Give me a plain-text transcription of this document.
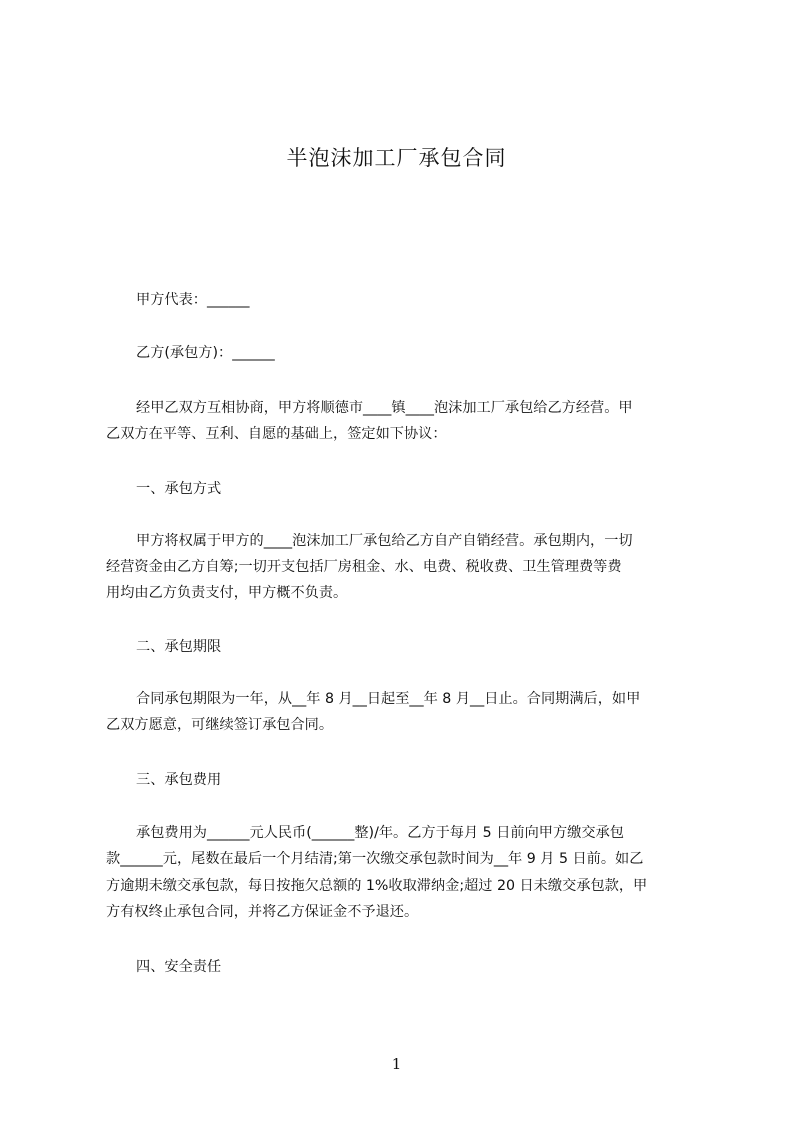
半泡沫加工厂承包合同
甲方代表：______
乙方(承包方)：______
经甲乙双方互相协商，甲方将顺德市____镇____泡沫加工厂承包给乙方经营。甲
乙双方在平等、互利、自愿的基础上，签定如下协议：
一、承包方式
甲方将权属于甲方的____泡沫加工厂承包给乙方自产自销经营。承包期内，一切
经营资金由乙方自筹;一切开支包括厂房租金、水、电费、税收费、卫生管理费等费
用均由乙方负责支付，甲方概不负责。
二、承包期限
合同承包期限为一年，从__年 8 月__日起至__年 8 月__日止。合同期满后，如甲
乙双方愿意，可继续签订承包合同。
三、承包费用
承包费用为______元人民币(______整)/年。乙方于每月 5 日前向甲方缴交承包
款______元，尾数在最后一个月结清;第一次缴交承包款时间为__年 9 月 5 日前。如乙
方逾期未缴交承包款，每日按拖欠总额的 1%收取滞纳金;超过 20 日未缴交承包款，甲
方有权终止承包合同，并将乙方保证金不予退还。
四、安全责任
1
